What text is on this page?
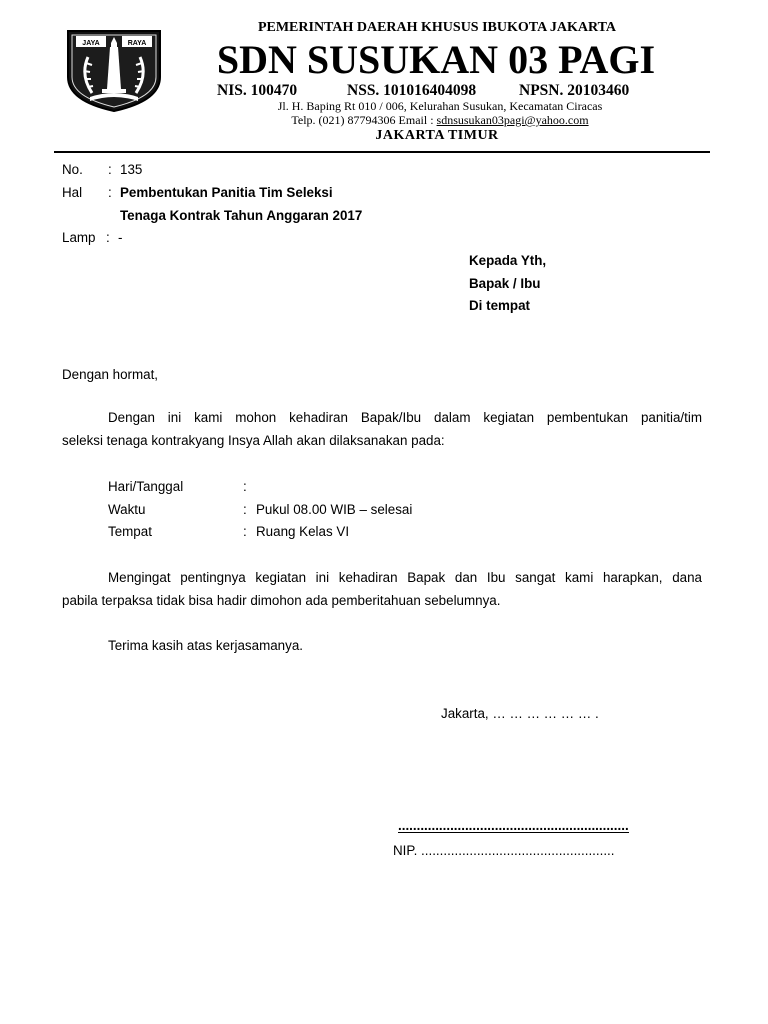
JAYA	RAYA
PEMERINTAH DAERAH KHUSUS IBUKOTA JAKARTA
SDN SUSUKAN 03 PAGI
NIS. 100470	NSS. 101016404098	NPSN. 20103460
Jl. H. Baping Rt 010 / 006, Kelurahan Susukan, Kecamatan Ciracas
Telp. (021) 87794306 Email : sdnsusukan03pagi@yahoo.com
JAKARTA TIMUR
No. : 135
Hal : Pembentukan Panitia Tim Seleksi
Tenaga Kontrak Tahun Anggaran 2017
Lamp : -
Kepada Yth,
Bapak / Ibu
Di tempat
Dengan hormat,
Dengan ini kami mohon kehadiran Bapak/Ibu dalam kegiatan pembentukan panitia/tim
seleksi tenaga kontrakyang Insya Allah akan dilaksanakan pada:
Hari/Tanggal	:
Waktu	: Pukul 08.00 WIB – selesai
Tempat	: Ruang Kelas VI
Mengingat pentingnya kegiatan ini kehadiran Bapak dan Ibu sangat kami harapkan, dana
pabila terpaksa tidak bisa hadir dimohon ada pemberitahuan sebelumnya.
Terima kasih atas kerjasamanya.
Jakarta, … … … … … … .
..............................................................
NIP. ....................................................
